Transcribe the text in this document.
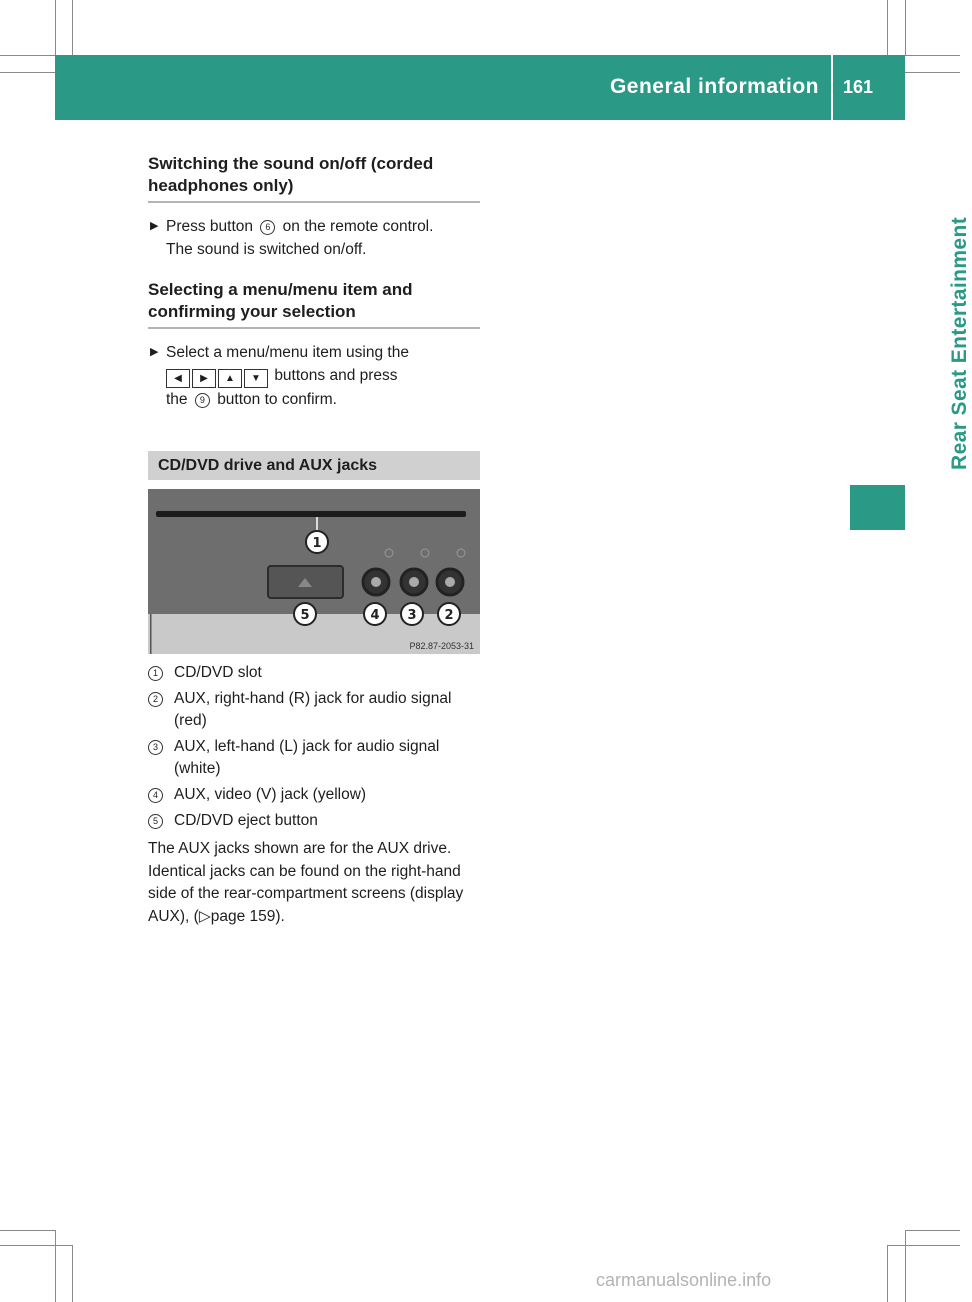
General information 161
Rear Seat Entertainment
Switching the sound on/off (corded headphones only)
▶ Press button 6 on the remote control.
The sound is switched on/off.
Selecting a menu/menu item and confirming your selection
▶ Select a menu/menu item using the
◀ ▶ ▲ ▼ buttons and press
the 9 button to confirm.
CD/DVD drive and AUX jacks
1
2
3
4
5
P82.87-2053-31
1	CD/DVD slot
2	AUX, right-hand (R) jack for audio signal (red)
3	AUX, left-hand (L) jack for audio signal (white)
4	AUX, video (V) jack (yellow)
5	CD/DVD eject button
The AUX jacks shown are for the AUX drive. Identical jacks can be found on the right-hand side of the rear-compartment screens (display AUX), (▷page 159).
carmanualsonline.info
